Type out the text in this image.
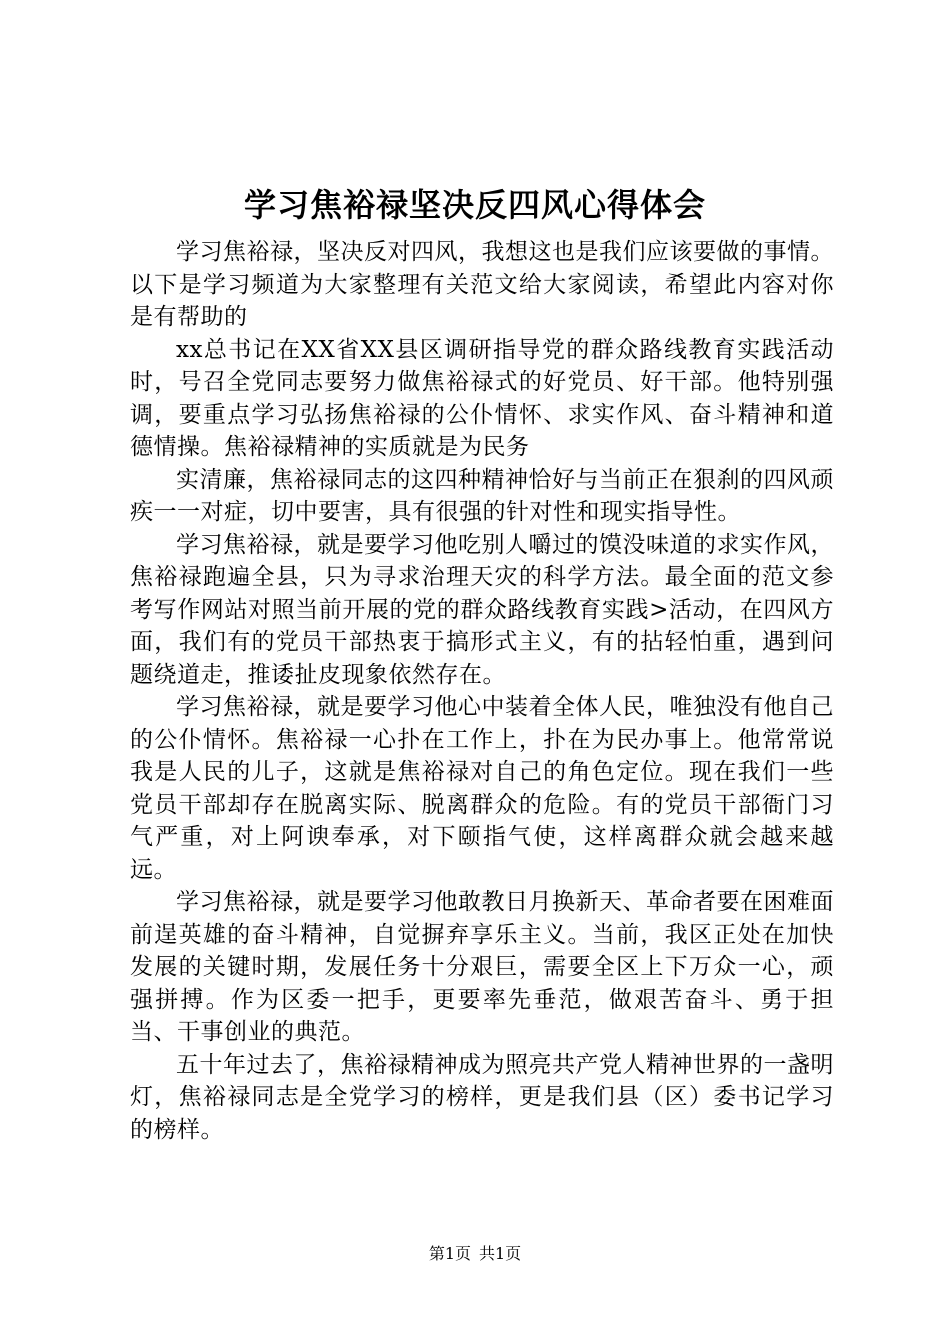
学习焦裕禄坚决反四风心得体会

学习焦裕禄，坚决反对四风，我想这也是我们应该要做的事情。以下是学习频道为大家整理有关范文给大家阅读，希望此内容对你是有帮助的

xx总书记在XX省XX县区调研指导党的群众路线教育实践活动时，号召全党同志要努力做焦裕禄式的好党员、好干部。他特别强调，要重点学习弘扬焦裕禄的公仆情怀、求实作风、奋斗精神和道德情操。焦裕禄精神的实质就是为民务

实清廉，焦裕禄同志的这四种精神恰好与当前正在狠刹的四风顽疾一一对症，切中要害，具有很强的针对性和现实指导性。

学习焦裕禄，就是要学习他吃别人嚼过的馍没味道的求实作风，焦裕禄跑遍全县，只为寻求治理天灾的科学方法。最全面的范文参考写作网站对照当前开展的党的群众路线教育实践>活动，在四风方面，我们有的党员干部热衷于搞形式主义，有的拈轻怕重，遇到问题绕道走，推诿扯皮现象依然存在。

学习焦裕禄，就是要学习他心中装着全体人民，唯独没有他自己的公仆情怀。焦裕禄一心扑在工作上，扑在为民办事上。他常常说我是人民的儿子，这就是焦裕禄对自己的角色定位。现在我们一些党员干部却存在脱离实际、脱离群众的危险。有的党员干部衙门习气严重，对上阿谀奉承，对下颐指气使，这样离群众就会越来越远。

学习焦裕禄，就是要学习他敢教日月换新天、革命者要在困难面前逞英雄的奋斗精神，自觉摒弃享乐主义。当前，我区正处在加快发展的关键时期，发展任务十分艰巨，需要全区上下万众一心，顽强拼搏。作为区委一把手，更要率先垂范，做艰苦奋斗、勇于担当、干事创业的典范。

五十年过去了，焦裕禄精神成为照亮共产党人精神世界的一盏明灯，焦裕禄同志是全党学习的榜样，更是我们县（区）委书记学习的榜样。

第1页 共1页
